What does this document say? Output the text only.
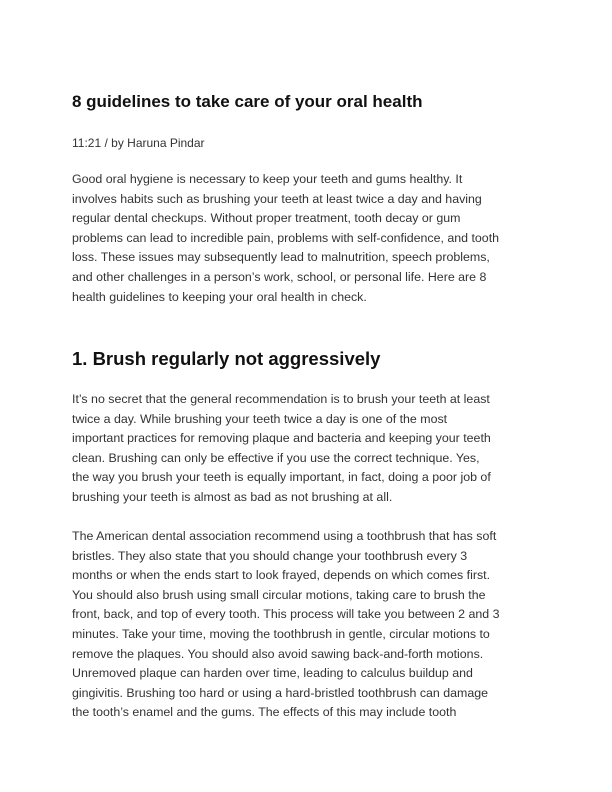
8 guidelines to take care of your oral health
11:21 / by Haruna Pindar

Good oral hygiene is necessary to keep your teeth and gums healthy. It
involves habits such as brushing your teeth at least twice a day and having
regular dental checkups. Without proper treatment, tooth decay or gum
problems can lead to incredible pain, problems with self-confidence, and tooth
loss. These issues may subsequently lead to malnutrition, speech problems,
and other challenges in a person’s work, school, or personal life. Here are 8
health guidelines to keeping your oral health in check.

1. Brush regularly not aggressively

It’s no secret that the general recommendation is to brush your teeth at least
twice a day. While brushing your teeth twice a day is one of the most
important practices for removing plaque and bacteria and keeping your teeth
clean. Brushing can only be effective if you use the correct technique. Yes,
the way you brush your teeth is equally important, in fact, doing a poor job of
brushing your teeth is almost as bad as not brushing at all.

The American dental association recommend using a toothbrush that has soft
bristles. They also state that you should change your toothbrush every 3
months or when the ends start to look frayed, depends on which comes first.
You should also brush using small circular motions, taking care to brush the
front, back, and top of every tooth. This process will take you between 2 and 3
minutes. Take your time, moving the toothbrush in gentle, circular motions to
remove the plaques. You should also avoid sawing back-and-forth motions.
Unremoved plaque can harden over time, leading to calculus buildup and
gingivitis. Brushing too hard or using a hard-bristled toothbrush can damage
the tooth’s enamel and the gums. The effects of this may include tooth
